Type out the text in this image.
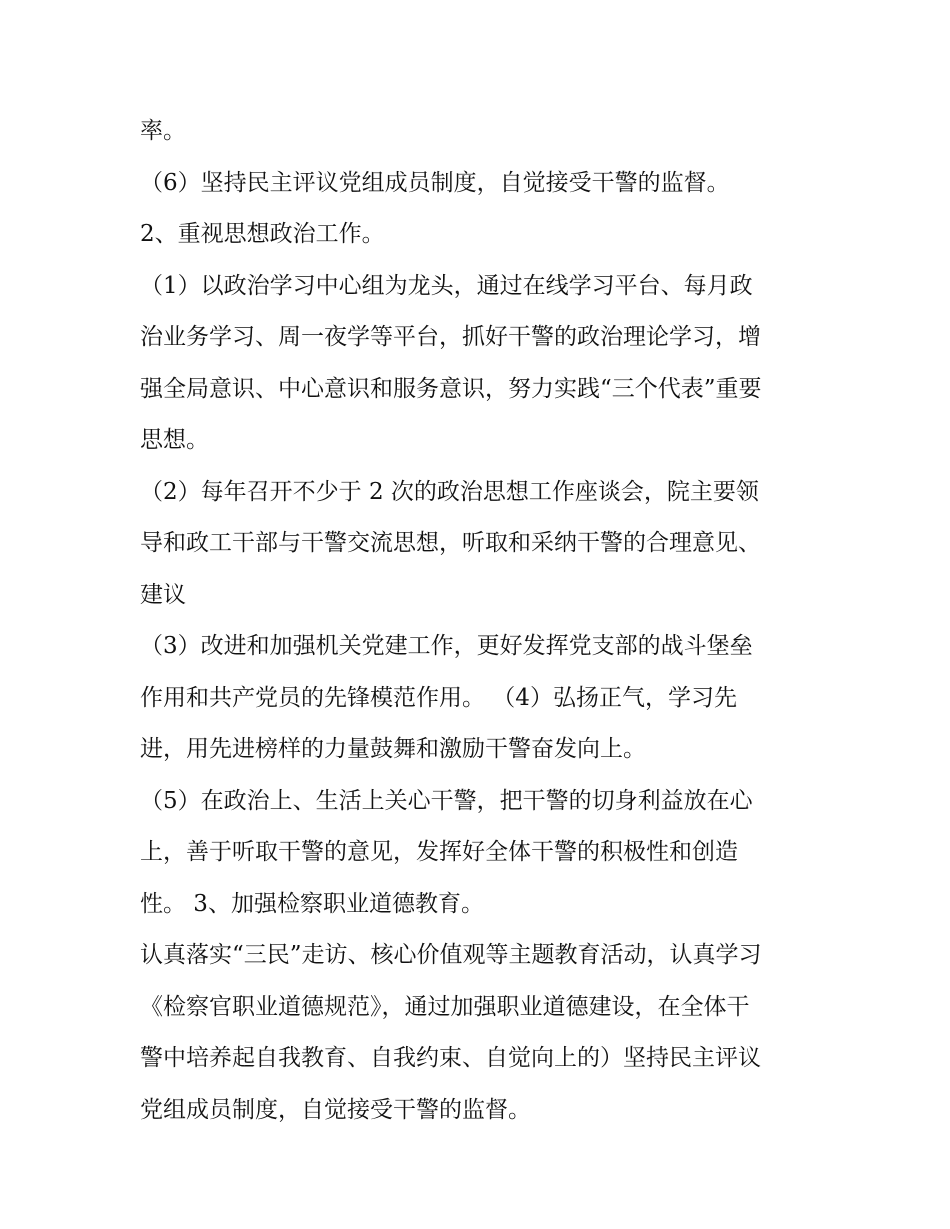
率。
（6）坚持民主评议党组成员制度，自觉接受干警的监督。
2、重视思想政治工作。
（1）以政治学习中心组为龙头，通过在线学习平台、每月政
治业务学习、周一夜学等平台，抓好干警的政治理论学习，增
强全局意识、中心意识和服务意识，努力实践“三个代表”重要
思想。
（2）每年召开不少于 2 次的政治思想工作座谈会，院主要领
导和政工干部与干警交流思想，听取和采纳干警的合理意见、
建议
（3）改进和加强机关党建工作，更好发挥党支部的战斗堡垒
作用和共产党员的先锋模范作用。 （4）弘扬正气，学习先
进，用先进榜样的力量鼓舞和激励干警奋发向上。
（5）在政治上、生活上关心干警，把干警的切身利益放在心
上，善于听取干警的意见，发挥好全体干警的积极性和创造
性。 3、加强检察职业道德教育。
认真落实“三民”走访、核心价值观等主题教育活动，认真学习
《检察官职业道德规范》，通过加强职业道德建设，在全体干
警中培养起自我教育、自我约束、自觉向上的）坚持民主评议
党组成员制度，自觉接受干警的监督。
